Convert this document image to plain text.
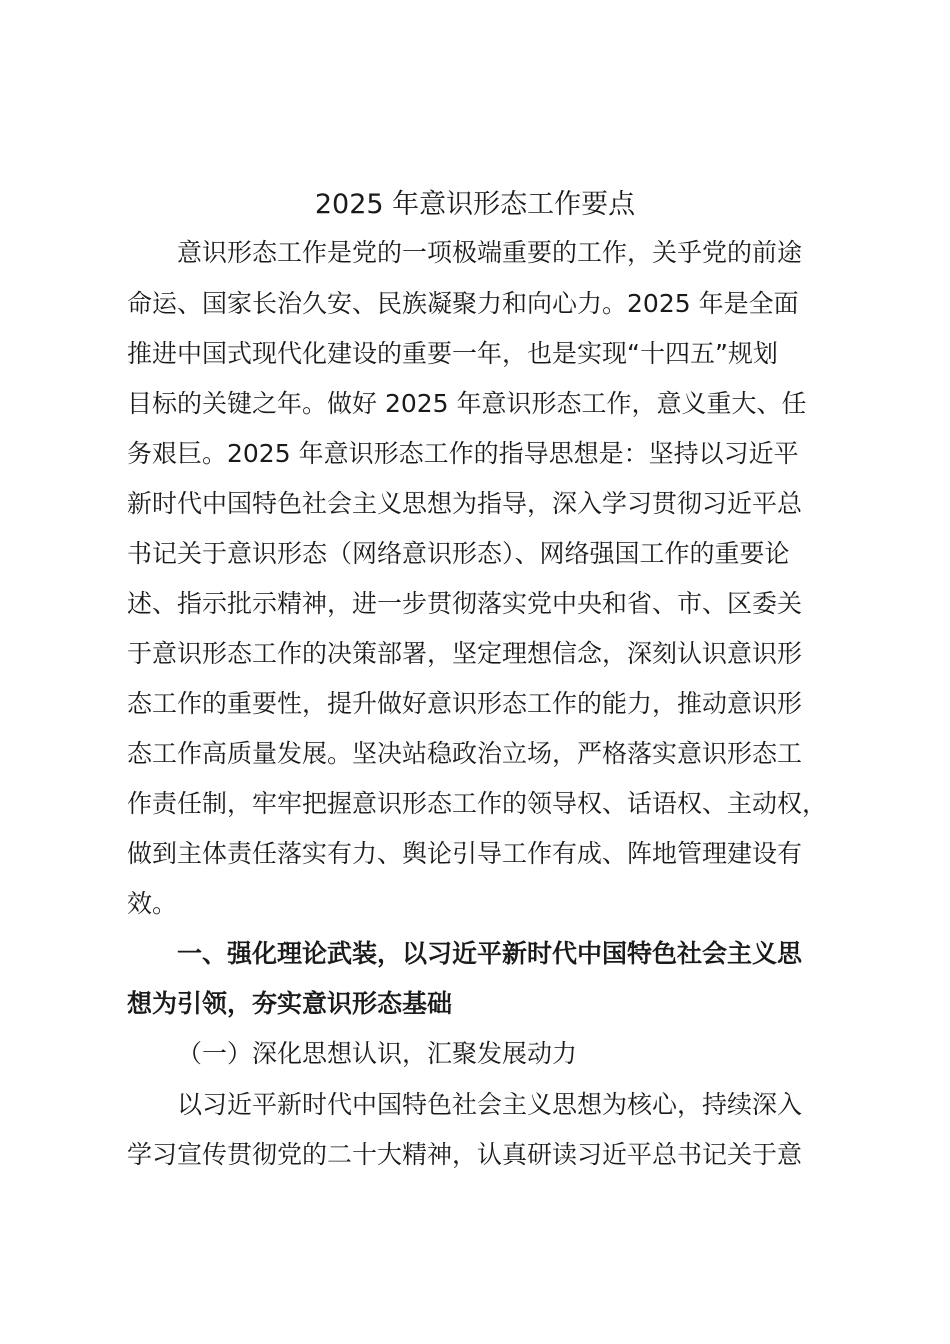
2025 年意识形态工作要点

意识形态工作是党的一项极端重要的工作，关乎党的前途

命运、国家长治久安、民族凝聚力和向心力。2025 年是全面

推进中国式现代化建设的重要一年，也是实现“十四五”规划

目标的关键之年。做好 2025 年意识形态工作，意义重大、任

务艰巨。2025 年意识形态工作的指导思想是：坚持以习近平

新时代中国特色社会主义思想为指导，深入学习贯彻习近平总

书记关于意识形态（网络意识形态）、网络强国工作的重要论

述、指示批示精神，进一步贯彻落实党中央和省、市、区委关

于意识形态工作的决策部署，坚定理想信念，深刻认识意识形

态工作的重要性，提升做好意识形态工作的能力，推动意识形

态工作高质量发展。坚决站稳政治立场，严格落实意识形态工

作责任制，牢牢把握意识形态工作的领导权、话语权、主动权，

做到主体责任落实有力、舆论引导工作有成、阵地管理建设有

效。

一、强化理论武装，以习近平新时代中国特色社会主义思

想为引领，夯实意识形态基础

（一）深化思想认识，汇聚发展动力

以习近平新时代中国特色社会主义思想为核心，持续深入

学习宣传贯彻党的二十大精神，认真研读习近平总书记关于意
